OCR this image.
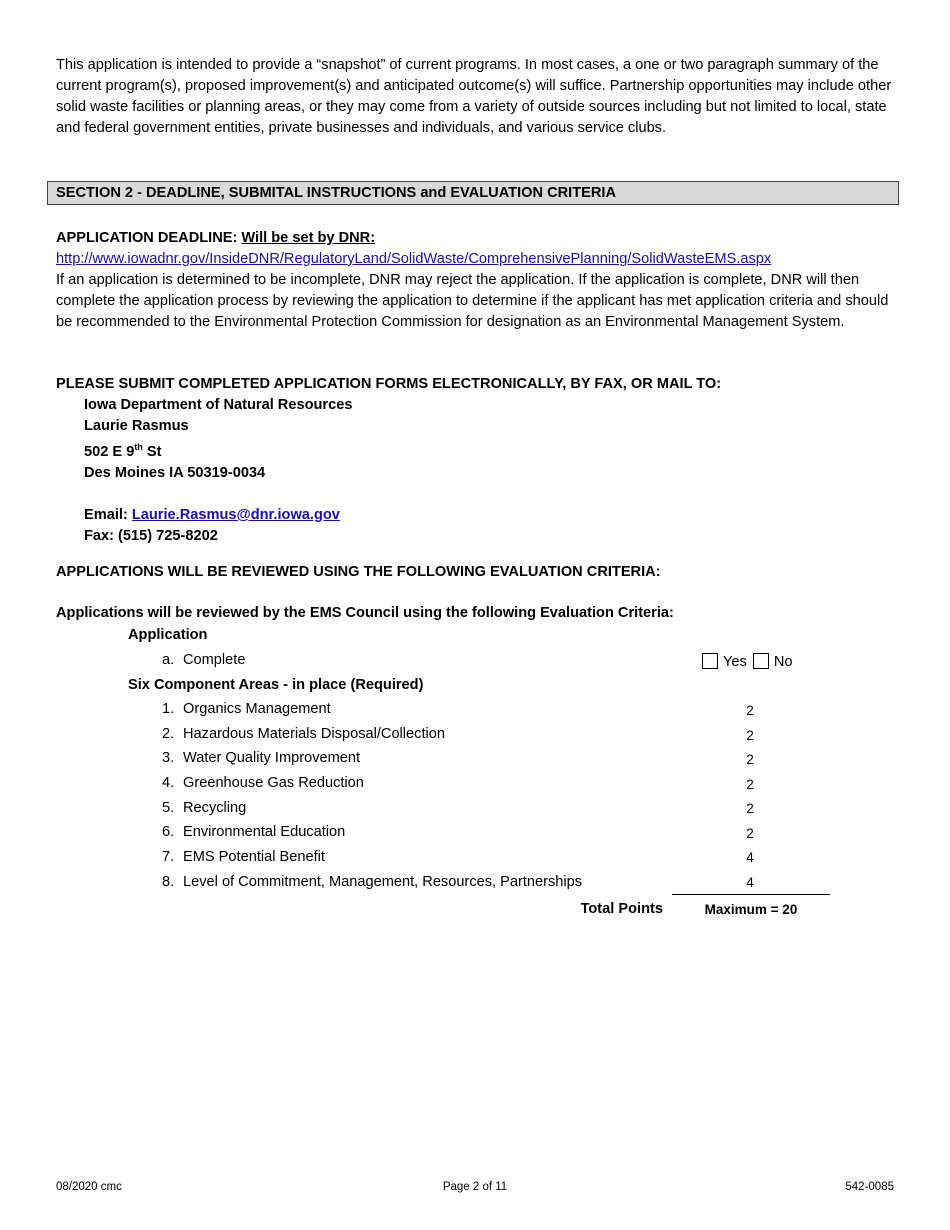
This application is intended to provide a “snapshot” of current programs. In most cases, a one or two paragraph summary of the current program(s), proposed improvement(s) and anticipated outcome(s) will suffice. Partnership opportunities may include other solid waste facilities or planning areas, or they may come from a variety of outside sources including but not limited to local, state and federal government entities, private businesses and individuals, and various service clubs.
SECTION 2 - DEADLINE, SUBMITAL INSTRUCTIONS and EVALUATION CRITERIA
APPLICATION DEADLINE: Will be set by DNR:
http://www.iowadnr.gov/InsideDNR/RegulatoryLand/SolidWaste/ComprehensivePlanning/SolidWasteEMS.aspx
If an application is determined to be incomplete, DNR may reject the application. If the application is complete, DNR will then complete the application process by reviewing the application to determine if the applicant has met application criteria and should be recommended to the Environmental Protection Commission for designation as an Environmental Management System.
PLEASE SUBMIT COMPLETED APPLICATION FORMS ELECTRONICALLY, BY FAX, OR MAIL TO:
Iowa Department of Natural Resources
Laurie Rasmus
502 E 9th St
Des Moines IA 50319-0034
Email: Laurie.Rasmus@dnr.iowa.gov
Fax: (515) 725-8202
APPLICATIONS WILL BE REVIEWED USING THE FOLLOWING EVALUATION CRITERIA:
Applications will be reviewed by the EMS Council using the following Evaluation Criteria:
Application
a. Complete	Yes No
Six Component Areas - in place (Required)
1. Organics Management	2
2. Hazardous Materials Disposal/Collection	2
3. Water Quality Improvement	2
4. Greenhouse Gas Reduction	2
5. Recycling	2
6. Environmental Education	2
7. EMS Potential Benefit	4
8. Level of Commitment, Management, Resources, Partnerships	4
Total Points	Maximum = 20
08/2020 cmc	Page 2 of 11	542-0085
